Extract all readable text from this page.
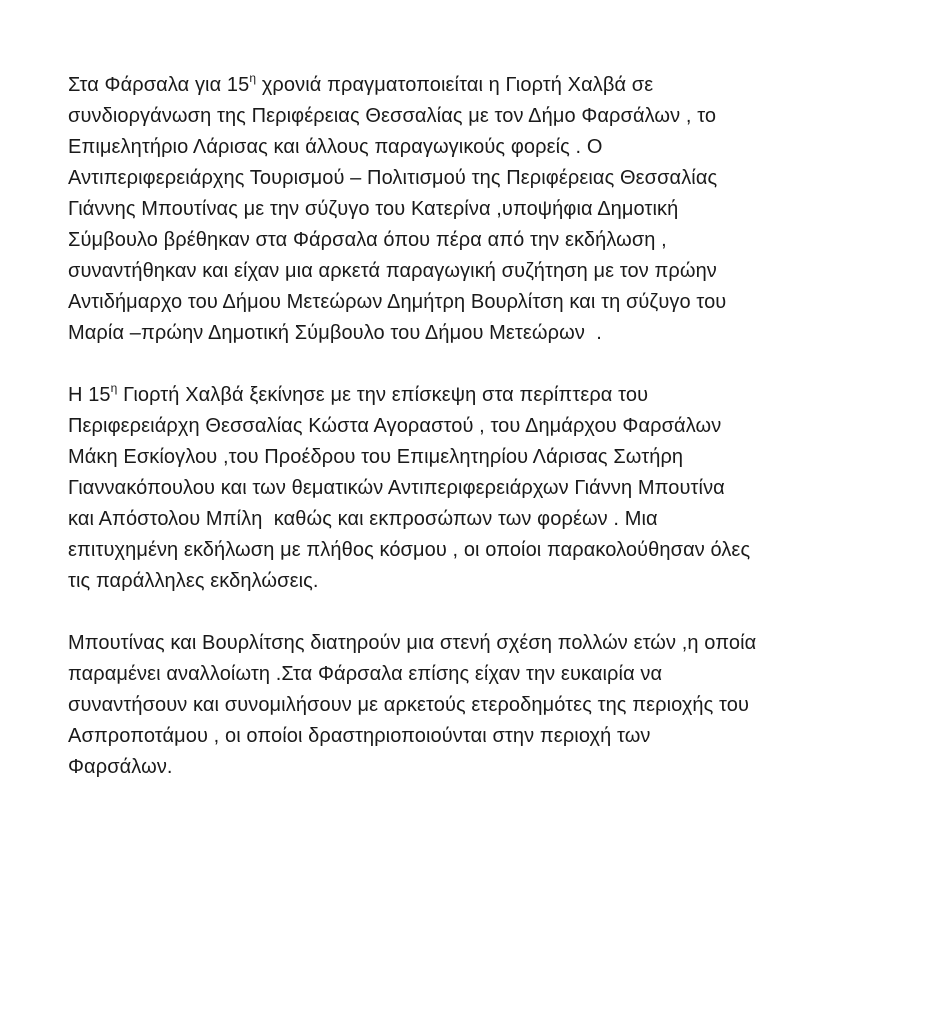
Στα Φάρσαλα για $15^\eta$ χρονιά πραγματοποιείται η Γιορτή Χαλβά σε
συνδιοργάνωση της Περιφέρειας Θεσσαλίας με τον Δήμο Φαρσάλων , το
Επιμελητήριο Λάρισας και άλλους παραγωγικούς φορείς . Ο
Αντιπεριφερειάρχης Τουρισμού – Πολιτισμού της Περιφέρειας Θεσσαλίας
Γιάννης Μπουτίνας με την σύζυγο του Κατερίνα ,υποψήφια Δημοτική
Σύμβουλο βρέθηκαν στα Φάρσαλα όπου πέρα από την εκδήλωση ,
συναντήθηκαν και είχαν μια αρκετά παραγωγική συζήτηση με τον πρώην
Αντιδήμαρχο του Δήμου Μετεώρων Δημήτρη Βουρλίτση και τη σύζυγο του
Μαρία –πρώην Δημοτική Σύμβουλο του Δήμου Μετεώρων  .
Η $15^\eta$ Γιορτή Χαλβά ξεκίνησε με την επίσκεψη στα περίπτερα του
Περιφερειάρχη Θεσσαλίας Κώστα Αγοραστού , του Δημάρχου Φαρσάλων
Μάκη Εσκίογλου ,του Προέδρου του Επιμελητηρίου Λάρισας Σωτήρη
Γιαννακόπουλου και των θεματικών Αντιπεριφερειάρχων Γιάννη Μπουτίνα
και Απόστολου Μπίλη  καθώς και εκπροσώπων των φορέων . Μια
επιτυχημένη εκδήλωση με πλήθος κόσμου , οι οποίοι παρακολούθησαν όλες
τις παράλληλες εκδηλώσεις.
Μπουτίνας και Βουρλίτσης διατηρούν μια στενή σχέση πολλών ετών ,η οποία
παραμένει αναλλοίωτη .Στα Φάρσαλα επίσης είχαν την ευκαιρία να
συναντήσουν και συνομιλήσουν με αρκετούς ετεροδημότες της περιοχής του
Ασπροποτάμου , οι οποίοι δραστηριοποιούνται στην περιοχή των
Φαρσάλων.
